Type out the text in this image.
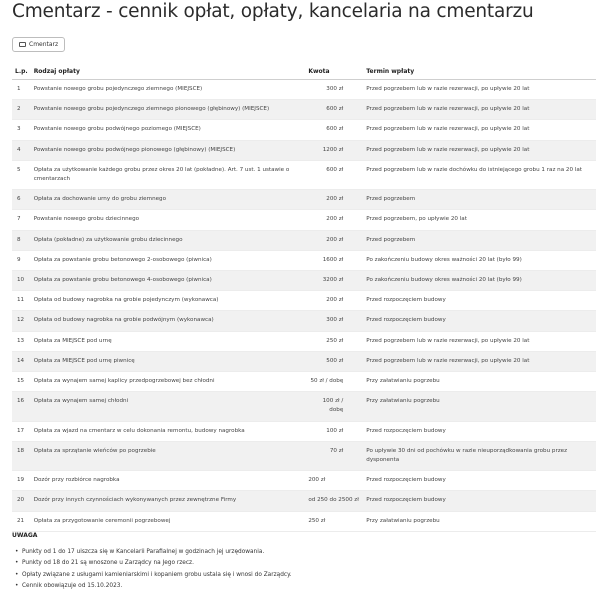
Cmentarz - cennik opłat, opłaty, kancelaria na cmentarzu
Cmentarz
L.p.	Rodzaj opłaty	Kwota	Termin wpłaty

1	Powstanie nowego grobu pojedynczego ziemnego (MIEJSCE)	300 zł	Przed pogrzebem lub w razie rezerwacji, po upływie 20 lat

2	Powstanie nowego grobu pojedynczego ziemnego pionowego (głębinowy) (MIEJSCE)	600 zł	Przed pogrzebem lub w razie rezerwacji, po upływie 20 lat

3	Powstanie nowego grobu podwójnego poziomego (MIEJSCE)	600 zł	Przed pogrzebem lub w razie rezerwacji, po upływie 20 lat

4	Powstanie nowego grobu podwójnego pionowego (głębinowy) (MIEJSCE)	1200 zł	Przed pogrzebem lub w razie rezerwacji, po upływie 20 lat

5	Opłata za użytkowanie każdego grobu przez okres 20 lat (pokładne). Art. 7 ust. 1 ustawie o cmentarzach	600 zł	Przed pogrzebem lub w razie dochówku do istniejącego grobu 1 raz na 20 lat

6	Opłata za dochowanie urny do grobu ziemnego	200 zł	Przed pogrzebem

7	Powstanie nowego grobu dziecinnego	200 zł	Przed pogrzebem, po upływie 20 lat

8	Opłata (pokładne) za użytkowanie grobu dziecinnego	200 zł	Przed pogrzebem

9	Opłata za powstanie grobu betonowego 2-osobowego (piwnica)	1600 zł	Po zakończeniu budowy okres ważności 20 lat (było 99)

10	Opłata za powstanie grobu betonowego 4-osobowego (piwnica)	3200 zł	Po zakończeniu budowy okres ważności 20 lat (było 99)

11	Opłata od budowy nagrobka na grobie pojedynczym (wykonawca)	200 zł	Przed rozpoczęciem budowy

12	Opłata od budowy nagrobka na grobie podwójnym (wykonawca)	300 zł	Przed rozpoczęciem budowy

13	Opłata za MIEJSCE pod urnę	250 zł	Przed pogrzebem lub w razie rezerwacji, po upływie 20 lat

14	Opłata za MIEJSCE pod urnę piwnicę	500 zł	Przed pogrzebem lub w razie rezerwacji, po upływie 20 lat

15	Opłata za wynajem samej kaplicy przedpogrzebowej bez chłodni	50 zł / dobę	Przy załatwianiu pogrzebu

16	Opłata za wynajem samej chłodni	100 zł / dobę	Przy załatwianiu pogrzebu

17	Opłata za wjazd na cmentarz w celu dokonania remontu, budowy nagrobka	100 zł	Przed rozpoczęciem budowy

18	Opłata za sprzątanie wieńców po pogrzebie	70 zł	Po upływie 30 dni od pochówku w razie nieuporządkowania grobu przez dysponenta

19	Dozór przy rozbiórce nagrobka	200 zł	Przed rozpoczęciem budowy

20	Dozór przy innych czynnościach wykonywanych przez zewnętrzne Firmy	od 250 do 2500 zł	Przed rozpoczęciem budowy

21	Opłata za przygotowanie ceremonii pogrzebowej	250 zł	Przy załatwianiu pogrzebu
UWAGA
• Punkty od 1 do 17 uiszcza się w Kancelarii Parafialnej w godzinach jej urzędowania.
• Punkty od 18 do 21 są wnoszone u Zarządcy na Jego rzecz.
• Opłaty związane z usługami kamieniarskimi i kopaniem grobu ustala się i wnosi do Zarządcy.
• Cennik obowiązuje od 15.10.2023.
